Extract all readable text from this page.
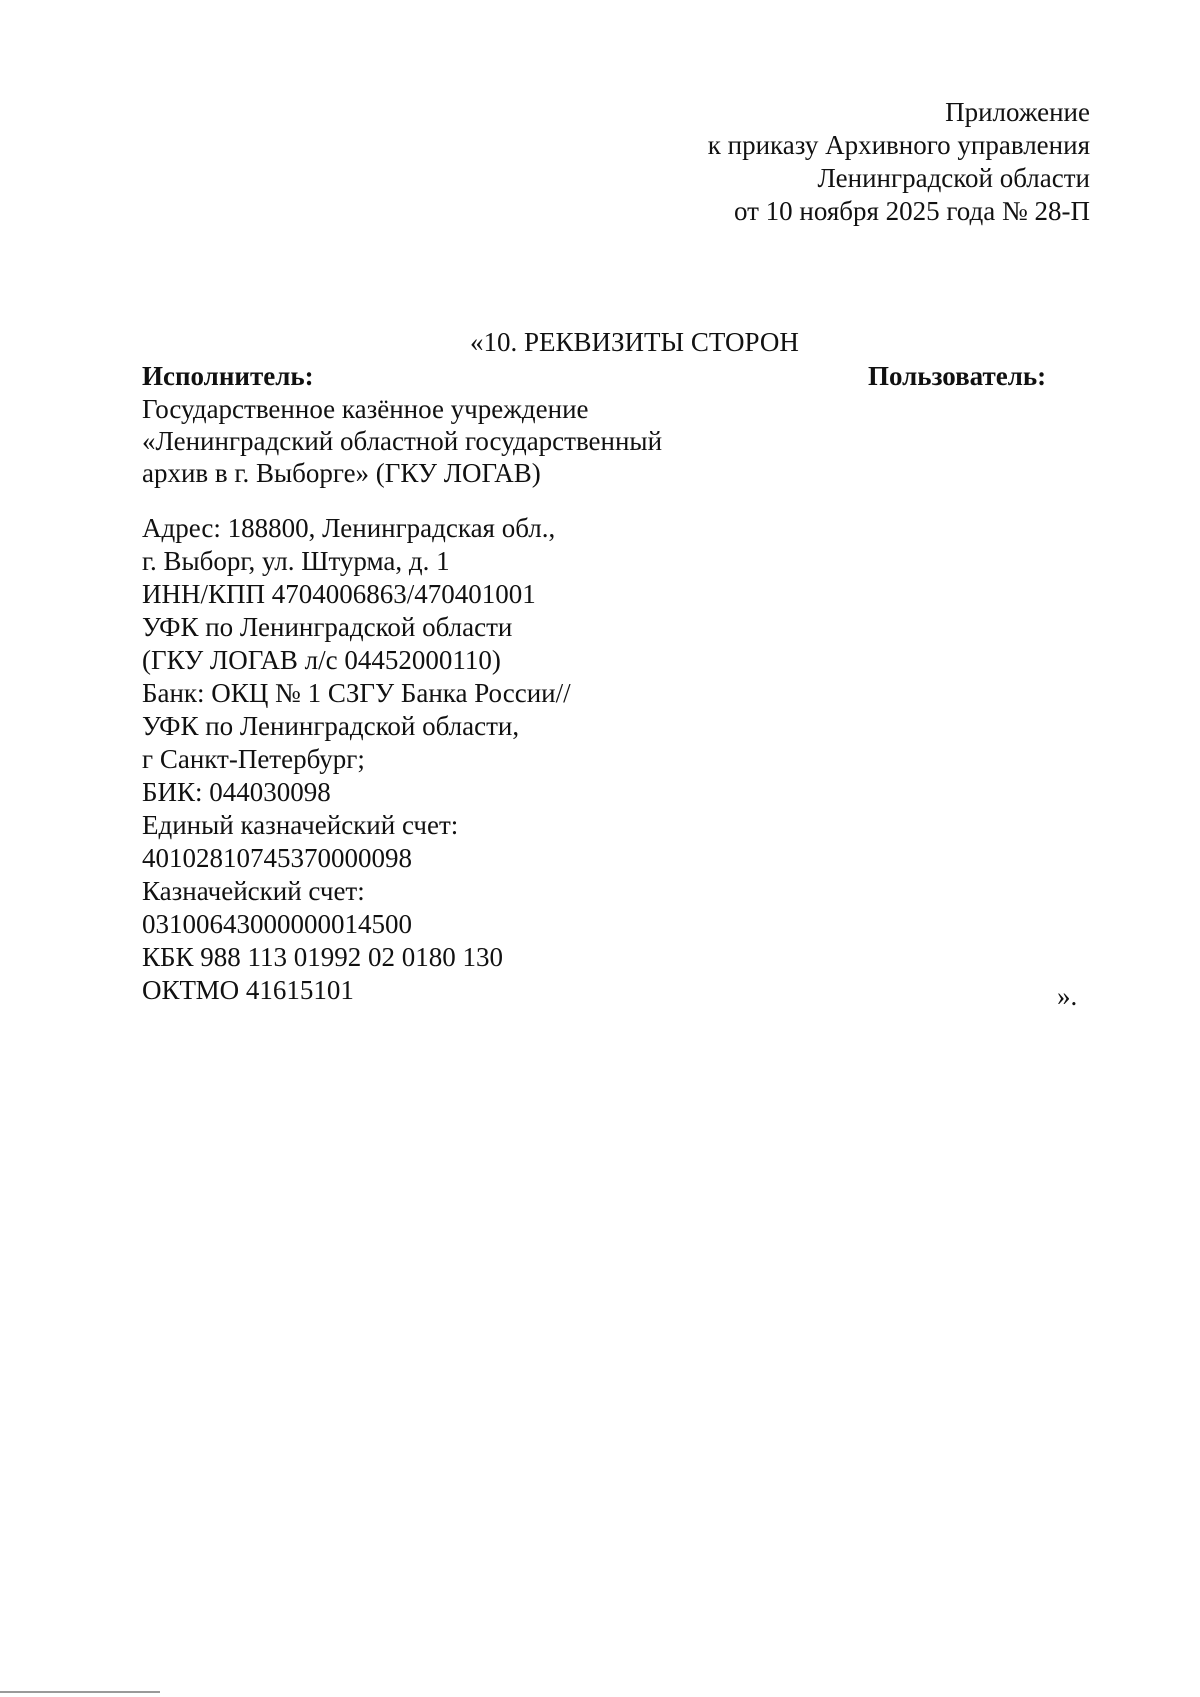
Приложение
к приказу Архивного управления
Ленинградской области
от 10 ноября 2025 года № 28-П
«10. РЕКВИЗИТЫ СТОРОН
Исполнитель:	Пользователь:
Государственное казённое учреждение
«Ленинградский областной государственный
архив в г. Выборге» (ГКУ ЛОГАВ)
Адрес: 188800, Ленинградская обл.,
г. Выборг, ул. Штурма, д. 1
ИНН/КПП 4704006863/470401001
УФК по Ленинградской области
(ГКУ ЛОГАВ л/с 04452000110)
Банк: ОКЦ № 1 СЗГУ Банка России//
УФК по Ленинградской области,
г Санкт-Петербург;
БИК: 044030098
Единый казначейский счет:
40102810745370000098
Казначейский счет:
03100643000000014500
КБК 988 113 01992 02 0180 130
ОКТМО 41615101	».
